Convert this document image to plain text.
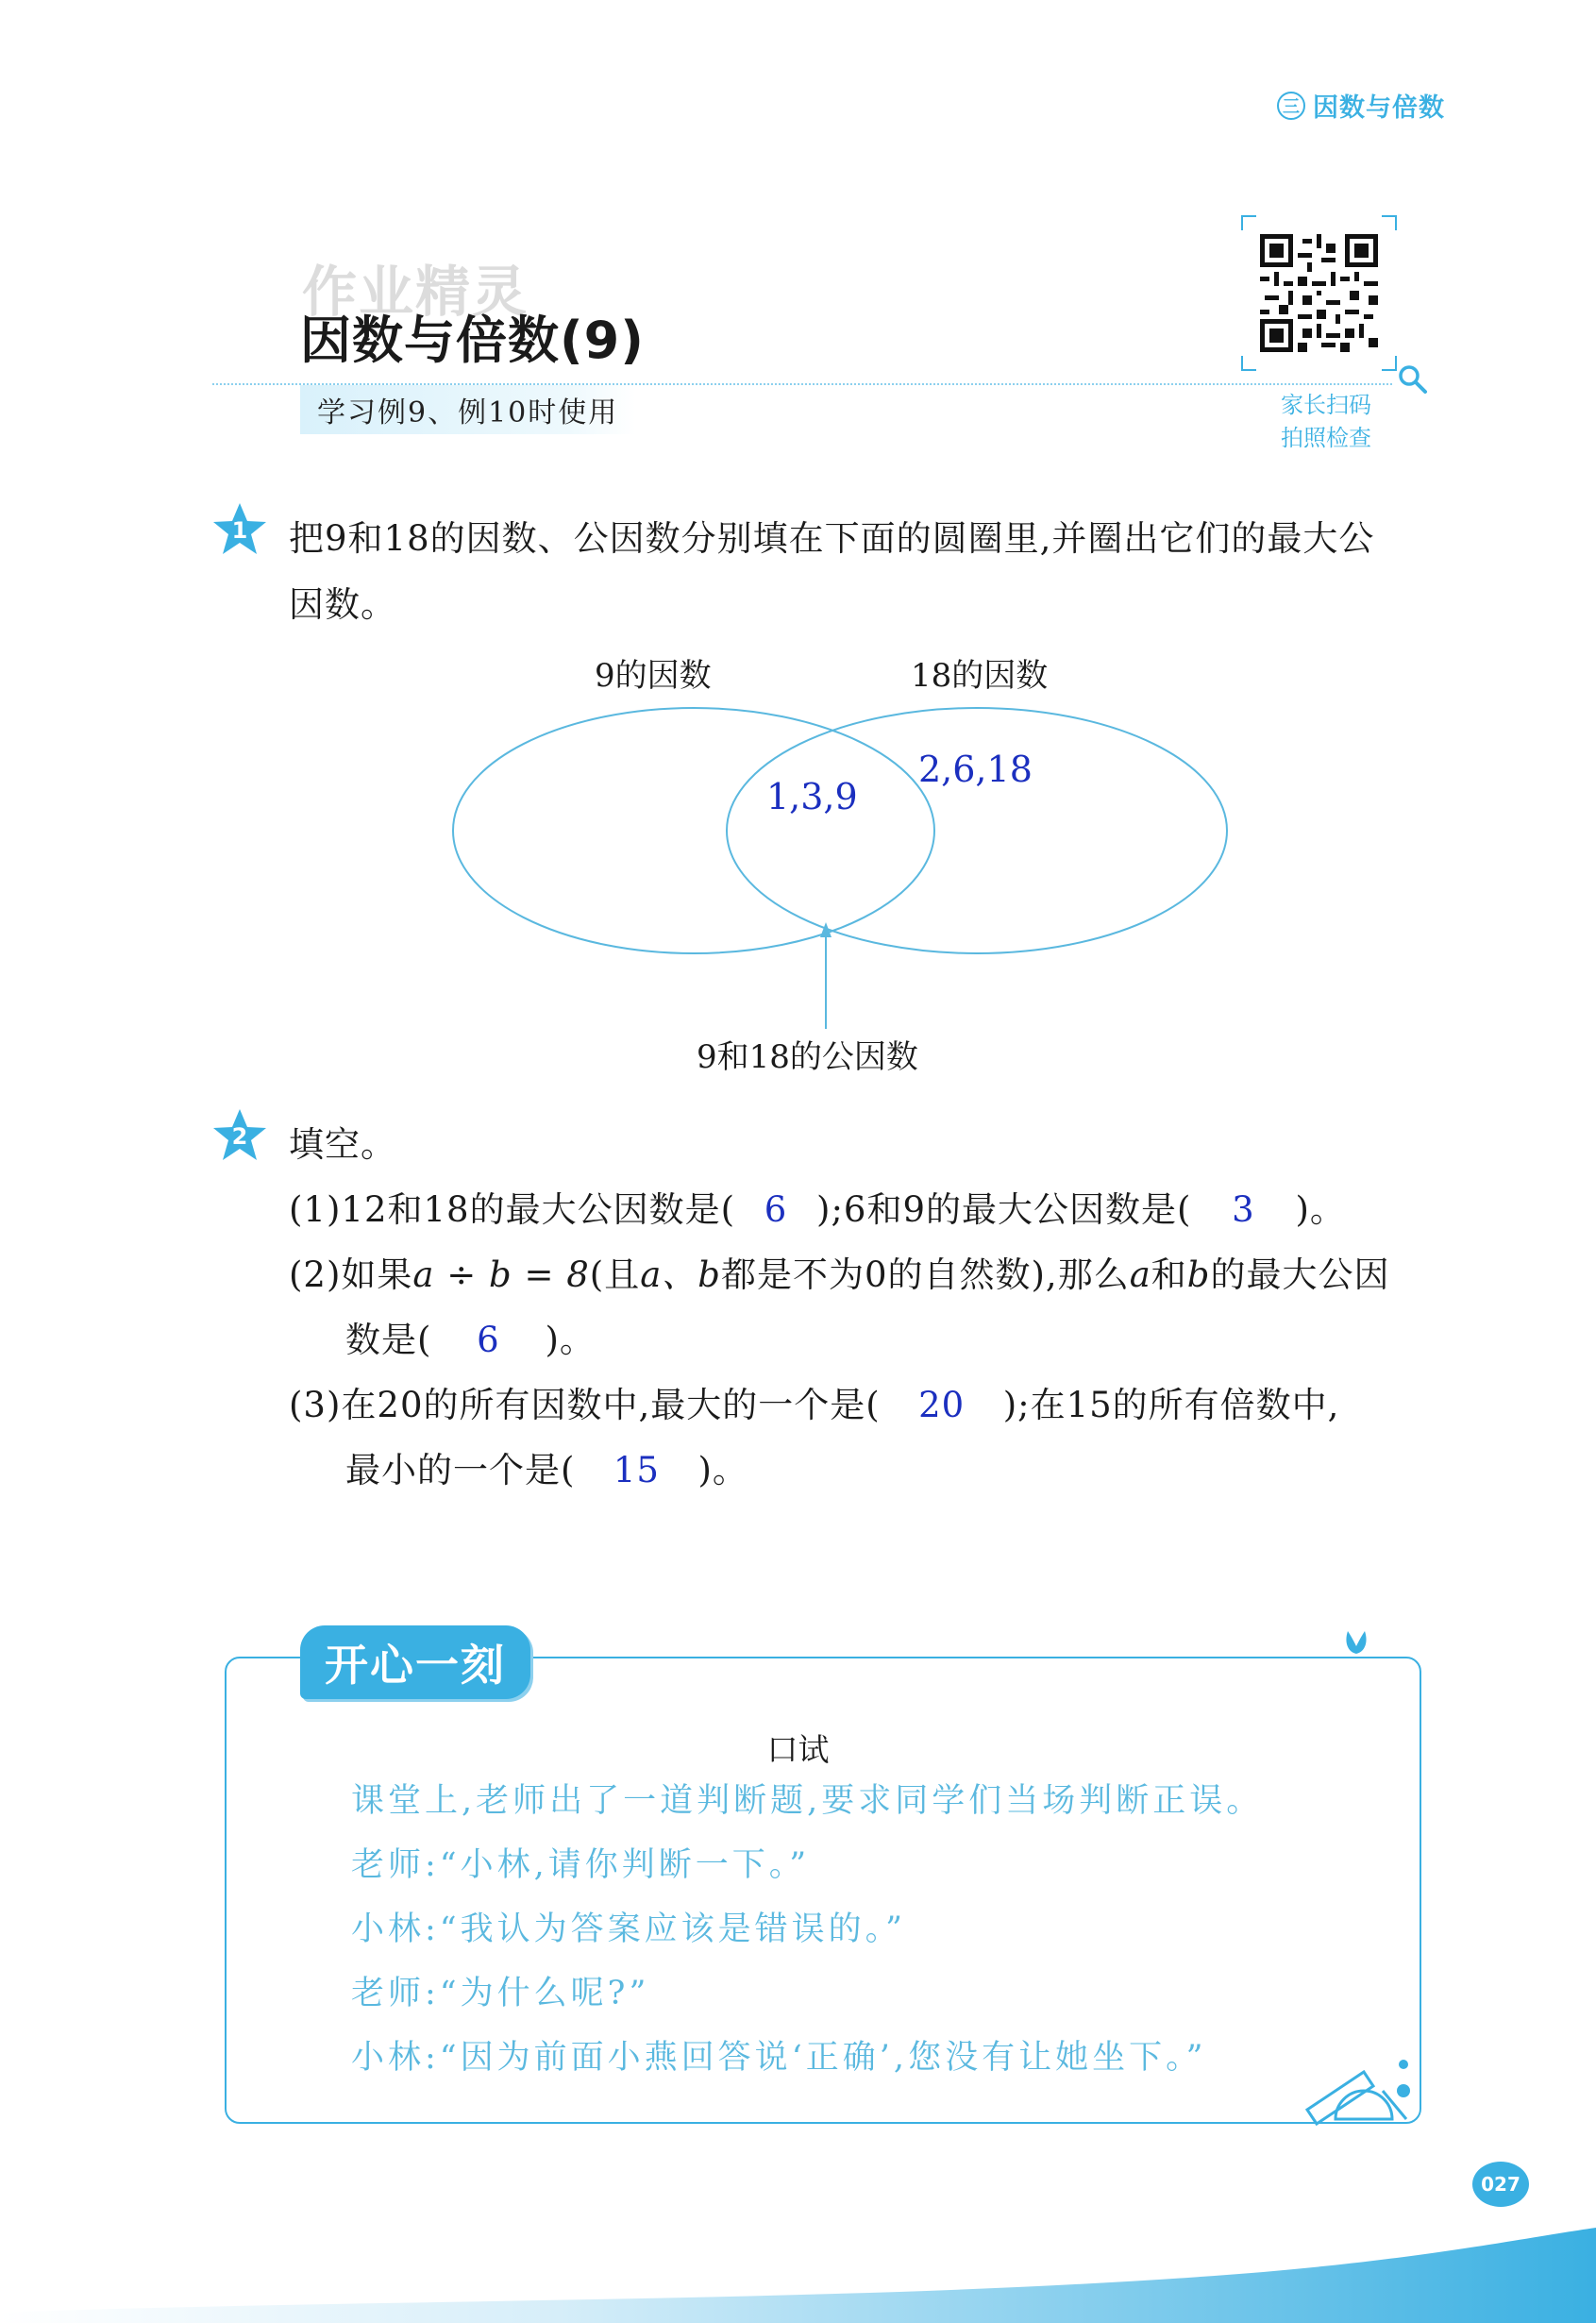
三 因数与倍数
作业精灵
因数与倍数(9)
学习例9、例10时使用	家长扫码
拍照检查
1 把9和18的因数、公因数分别填在下面的圆圈里,并圈出它们的最大公
因数。
9的因数	18的因数
1,3,9
2,6,18
9和18的公因数
2 填空。
(1)12和18的最大公因数是( 6 );6和9的最大公因数是( 3 )。
(2)如果a ÷ b = 8(且a、b都是不为0的自然数),那么a和b的最大公因
数是( 6 )。
(3)在20的所有因数中,最大的一个是( 20 );在15的所有倍数中,
最小的一个是( 15 )。
开心一刻
口试
课堂上,老师出了一道判断题,要求同学们当场判断正误。
老师:“小林,请你判断一下。”
小林:“我认为答案应该是错误的。”
老师:“为什么呢?”
小林:“因为前面小燕回答说‘正确’,您没有让她坐下。”
027
